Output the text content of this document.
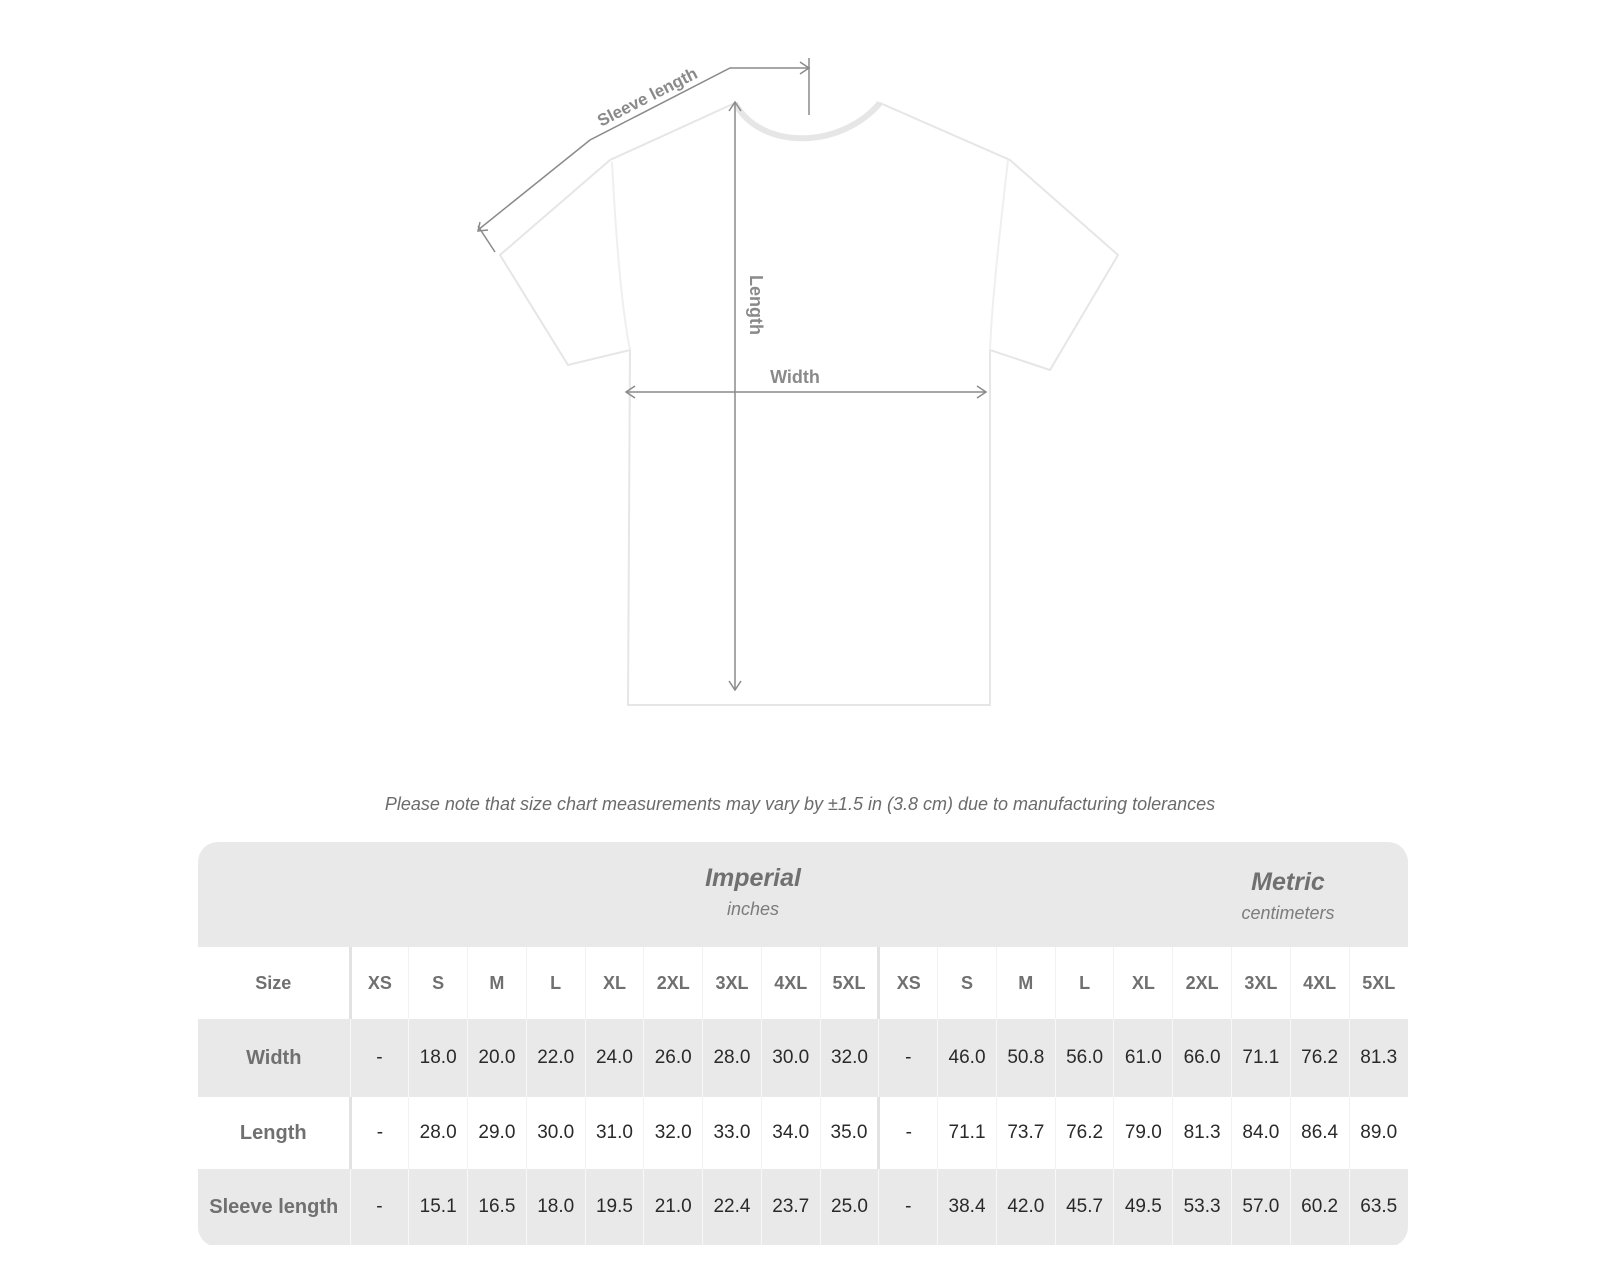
Sleeve length
Length
Width
Please note that size chart measurements may vary by ±1.5 in (3.8 cm) due to manufacturing tolerances
Imperial
inches
Metric
centimeters
Size	XS	S	M	L	XL	2XL	3XL	4XL	5XL	XS	S	M	L	XL	2XL	3XL	4XL	5XL
Width	-	18.0	20.0	22.0	24.0	26.0	28.0	30.0	32.0	-	46.0	50.8	56.0	61.0	66.0	71.1	76.2	81.3
Length	-	28.0	29.0	30.0	31.0	32.0	33.0	34.0	35.0	-	71.1	73.7	76.2	79.0	81.3	84.0	86.4	89.0
Sleeve length	-	15.1	16.5	18.0	19.5	21.0	22.4	23.7	25.0	-	38.4	42.0	45.7	49.5	53.3	57.0	60.2	63.5
